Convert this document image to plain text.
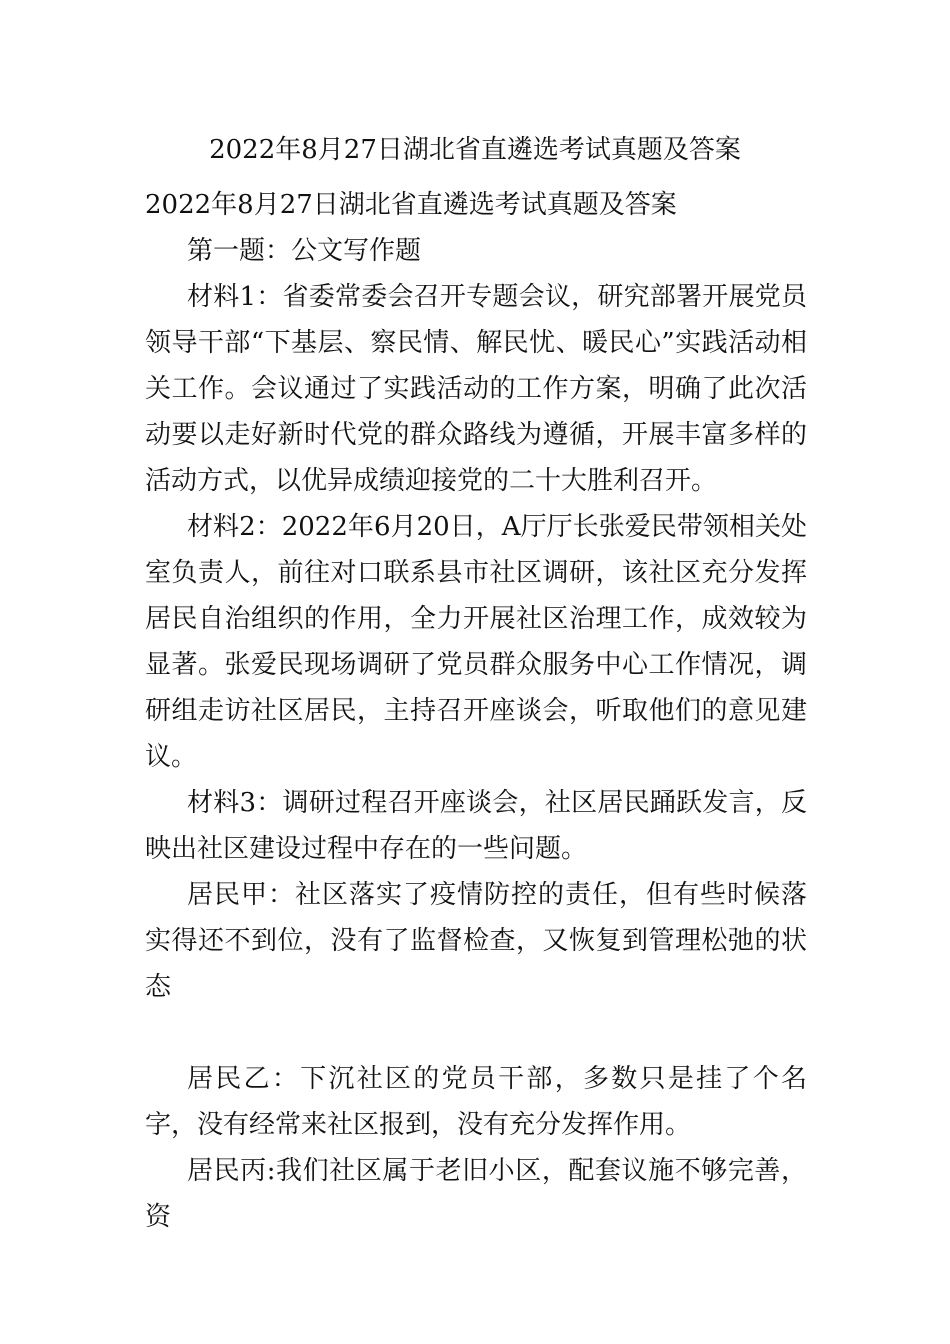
2022年8月27日湖北省直遴选考试真题及答案

2022年8月27日湖北省直遴选考试真题及答案

第一题：公文写作题

材料1：省委常委会召开专题会议，研究部署开展党员领导干部“下基层、察民情、解民忧、暖民心”实践活动相关工作。会议通过了实践活动的工作方案，明确了此次活动要以走好新时代党的群众路线为遵循，开展丰富多样的活动方式，以优异成绩迎接党的二十大胜利召开。

材料2：2022年6月20日，A厅厅长张爱民带领相关处室负责人，前往对口联系县市社区调研，该社区充分发挥居民自治组织的作用，全力开展社区治理工作，成效较为显著。张爱民现场调研了党员群众服务中心工作情况，调研组走访社区居民，主持召开座谈会，听取他们的意见建议。

材料3：调研过程召开座谈会，社区居民踊跃发言，反映出社区建设过程中存在的一些问题。

居民甲：社区落实了疫情防控的责任，但有些时候落实得还不到位，没有了监督检查，又恢复到管理松弛的状态

居民乙：下沉社区的党员干部，多数只是挂了个名字，没有经常来社区报到，没有充分发挥作用。

居民丙:我们社区属于老旧小区，配套议施不够完善，资
